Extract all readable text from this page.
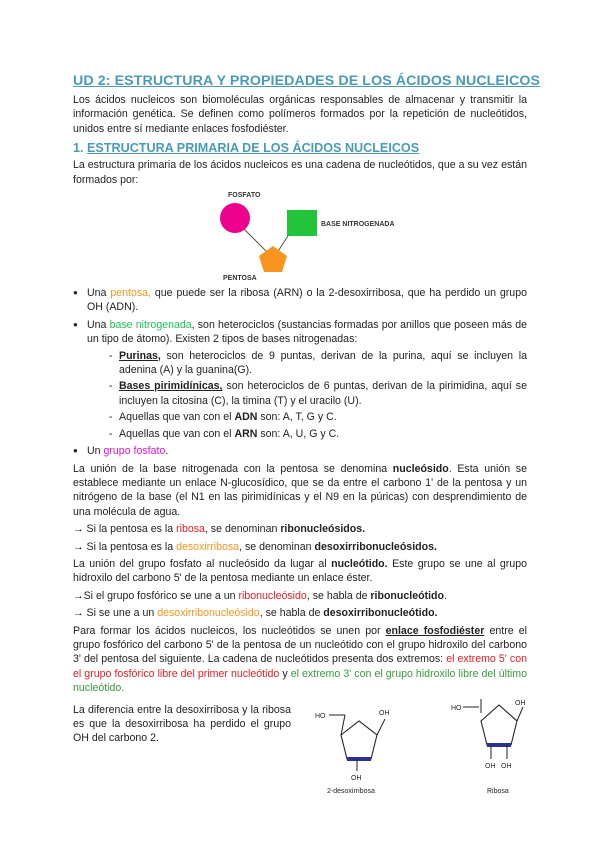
UD 2: ESTRUCTURA Y PROPIEDADES DE LOS ÁCIDOS NUCLEICOS

Los ácidos nucleicos son biomoléculas orgánicas responsables de almacenar y transmitir la información genética. Se definen como polímeros formados por la repetición de nucleótidos, unidos entre sí mediante enlaces fosfodiéster.

1. ESTRUCTURA PRIMARIA DE LOS ÁCIDOS NUCLEICOS

La estructura primaria de los ácidos nucleicos es una cadena de nucleótidos, que a su vez están formados por:

FOSFATO
BASE NITROGENADA
PENTOSA
● Una pentosa, que puede ser la ribosa (ARN) o la 2-desoxirribosa, que ha perdido un grupo OH (ADN).
● Una base nitrogenada, son heterociclos (sustancias formadas por anillos que poseen más de un tipo de átomo). Existen 2 tipos de bases nitrogenadas:
- Purinas, son heterociclos de 9 puntas, derivan de la purina, aquí se incluyen la adenina (A) y la guanina(G).
- Bases pirimidínicas, son heterociclos de 6 puntas, derivan de la pirimidina, aquí se incluyen la citosina (C), la timina (T) y el uracilo (U).
- Aquellas que van con el ADN son: A, T, G y C.
- Aquellas que van con el ARN son: A, U, G y C.
● Un grupo fosfato.

La unión de la base nitrogenada con la pentosa se denomina nucleósido. Esta unión se establece mediante un enlace N-glucosídico, que se da entre el carbono 1' de la pentosa y un nitrógeno de la base (el N1 en las pirimidínicas y el N9 en la púricas) con desprendimiento de una molécula de agua.

→ Si la pentosa es la ribosa, se denominan ribonucleósidos.

→ Si la pentosa es la desoxirribosa, se denominan desoxirribonucleósidos.

La unión del grupo fosfato al nucleósido da lugar al nucleótido. Este grupo se une al grupo hidroxilo del carbono 5' de la pentosa mediante un enlace éster.

→Si el grupo fosfórico se une a un ribonucleósido, se habla de ribonucleótido.

→ Si se une a un desoxirribonucleósido, se habla de desoxirribonucleótido.

Para formar los ácidos nucleicos, los nucleótidos se unen por enlace fosfodiéster entre el grupo fosfórico del carbono 5' de la pentosa de un nucleótido con el grupo hidroxilo del carbono 3' del pentosa del siguiente. La cadena de nucleótidos presenta dos extremos: el extremo 5' con el grupo fosfórico libre del primer nucleótido y el extremo 3' con el grupo hidroxilo libre del último nucleótido.

La diferencia entre la desoxirribosa y la ribosa es que la desoxirribosa ha perdido el grupo OH del carbono 2.

HO	OH
OH
2-desoxirribosa
HO
OH
OH OH
Ribosa
